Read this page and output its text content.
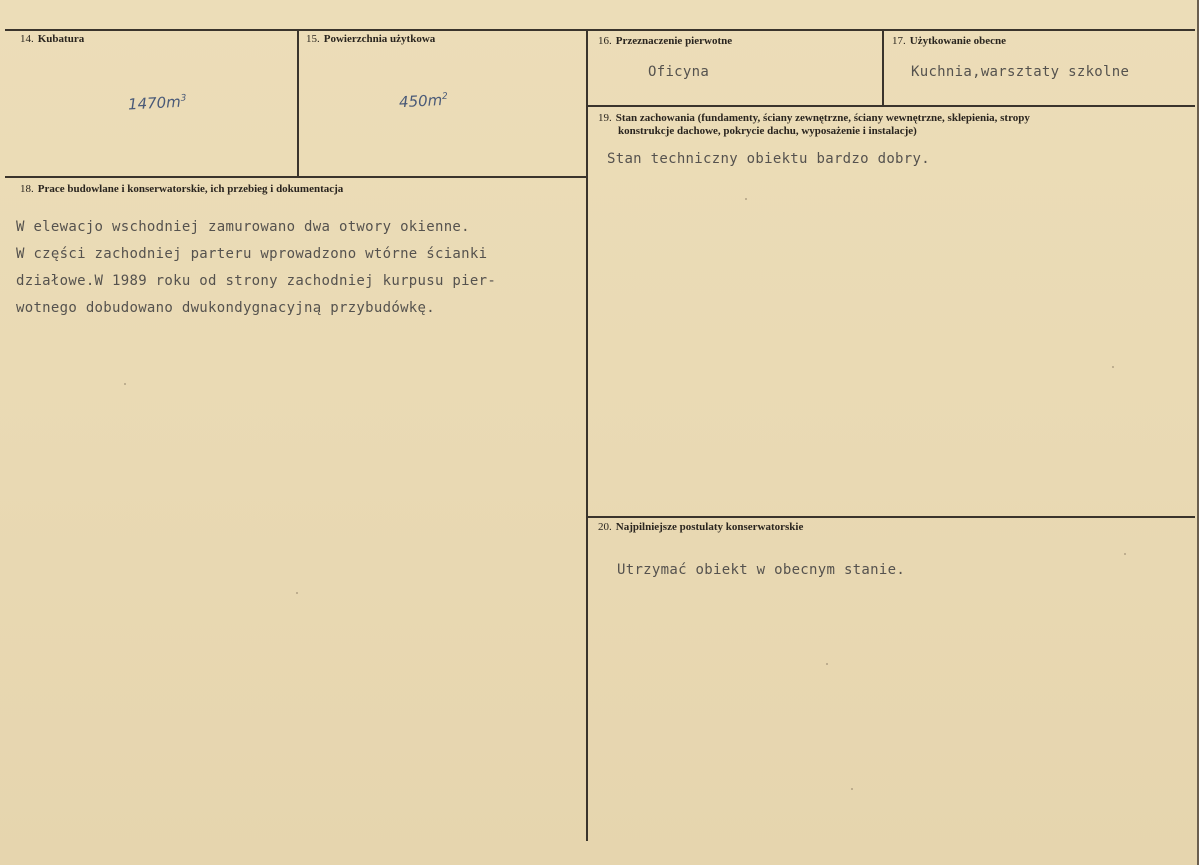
14. Kubatura
$1470m^3$
15. Powierzchnia użytkowa
$450m^2$
16. Przeznaczenie pierwotne
Oficyna
17. Użytkowanie obecne
Kuchnia,warsztaty szkolne
18. Prace budowlane i konserwatorskie, ich przebieg i dokumentacja
W elewacjo wschodniej zamurowano dwa otwory okienne.
W części zachodniej parteru wprowadzono wtórne ścianki
działowe.W 1989 roku od strony zachodniej kurpusu pier-
wotnego dobudowano dwukondygnacyjną przybudówkę.
19. Stan zachowania (fundamenty, ściany zewnętrzne, ściany wewnętrzne, sklepienia, stropy
konstrukcje dachowe, pokrycie dachu, wyposażenie i instalacje)
Stan techniczny obiektu bardzo dobry.
20. Najpilniejsze postulaty konserwatorskie
Utrzymać obiekt w obecnym stanie.
